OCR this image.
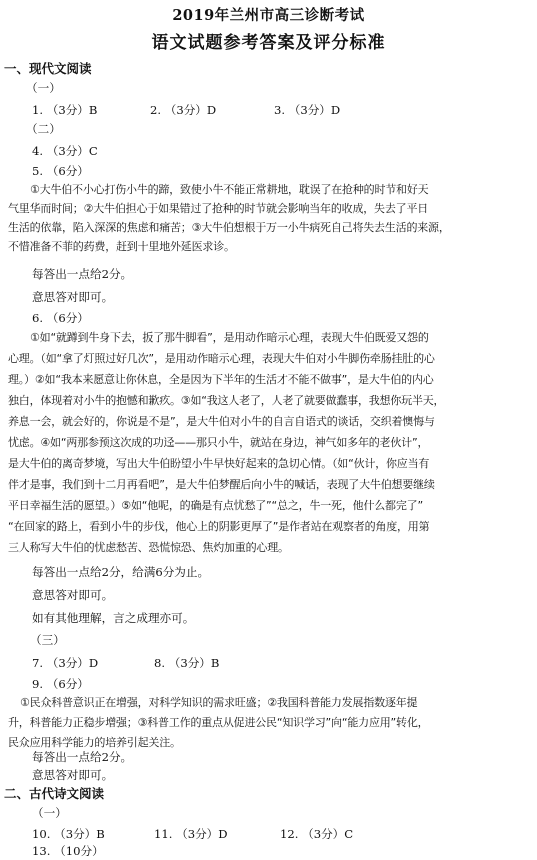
2019年兰州市高三诊断考试
语文试题参考答案及评分标准
一、现代文阅读
（一）
1. （3分）B	2. （3分）D	3. （3分）D
（二）
4. （3分）C
5. （6分）
①大牛伯不小心打伤小牛的蹄，致使小牛不能正常耕地，耽误了在抢种的时节和好天
气里华而时间；②大牛伯担心于如果错过了抢种的时节就会影响当年的收成，失去了平日
生活的依靠，陷入深深的焦虑和痛苦；③大牛伯想根于万一小牛病死自己将失去生活的来源，
不惜准备不菲的药费，赶到十里地外延医求诊。
每答出一点给2分。
意思答对即可。
6. （6分）
①如“就蹲到牛身下去，扳了那牛脚看”，是用动作暗示心理，表现大牛伯既爱又怨的
心理。（如“拿了灯照过好几次”，是用动作暗示心理，表现大牛伯对小牛脚伤牵肠挂肚的心
理。）②如“我本来愿意让你休息，全是因为下半年的生活才不能不做事”，是大牛伯的内心
独白，体现着对小牛的抱憾和歉疚。③如“我这人老了，人老了就要做蠢事，我想你玩半天，
养息一会，就会好的，你说是不是”，是大牛伯对小牛的自言自语式的谈话，交织着懊悔与
忧虑。④如“两那参预这次成的功迳——那只小牛，就站在身边，神气如多年的老伙计”，
是大牛伯的离奇梦境，写出大牛伯盼望小牛早快好起来的急切心情。（如“伙计，你应当有
伴才是事，我们到十二月再看吧”，是大牛伯梦醒后向小牛的喊话，表现了大牛伯想要继续
平日幸福生活的愿望。）⑤如“他呢，的确是有点忧愁了”“总之，牛一死，他什么都完了”
“在回家的路上，看到小牛的步伐，他心上的阴影更厚了”是作者站在观察者的角度，用第
三人称写大牛伯的忧虑愁苦、恐慌惊恐、焦灼加重的心理。
每答出一点给2分，给满6分为止。
意思答对即可。
如有其他理解，言之成理亦可。
（三）
7. （3分）D	8. （3分）B
9. （6分）
①民众科普意识正在增强，对科学知识的需求旺盛；②我国科普能力发展指数逐年提
升，科普能力正稳步增强；③科普工作的重点从促进公民“知识学习”向“能力应用”转化，
民众应用科学能力的培养引起关注。
每答出一点给2分。
意思答对即可。
二、古代诗文阅读
（一）
10. （3分）B	11. （3分）D	12. （3分）C
13. （10分）
